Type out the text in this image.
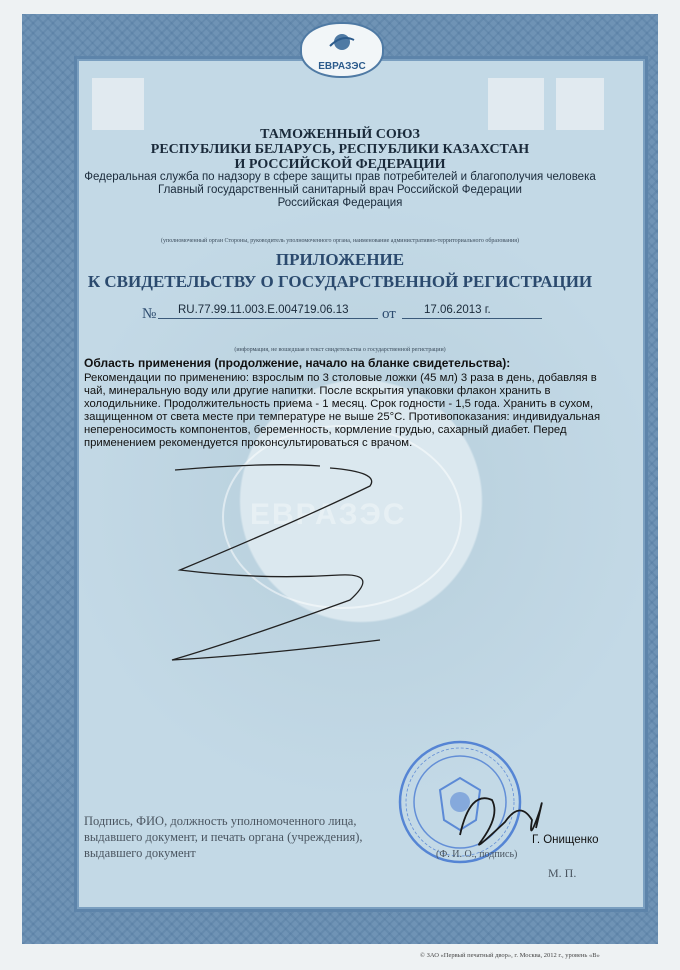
ЕВРАЗЭС
ЕВРАЗЭС
ТАМОЖЕННЫЙ СОЮЗ
РЕСПУБЛИКИ БЕЛАРУСЬ, РЕСПУБЛИКИ КАЗАХСТАН
И РОССИЙСКОЙ ФЕДЕРАЦИИ
Федеральная служба по надзору в сфере защиты прав потребителей и благополучия человека
Главный государственный санитарный врач Российской Федерации
Российская Федерация
(уполномоченный орган Стороны, руководитель уполномоченного органа, наименование административно-территориального образования)
ПРИЛОЖЕНИЕ
К СВИДЕТЕЛЬСТВУ О ГОСУДАРСТВЕННОЙ РЕГИСТРАЦИИ
№ RU.77.99.11.003.Е.004719.06.13 от 17.06.2013 г.
(информация, не вошедшая в текст свидетельства о государственной регистрации)
Область применения (продолжение, начало на бланке свидетельства):
Рекомендации по применению: взрослым по 3 столовые ложки (45 мл) 3 раза в день, добавляя в чай, минеральную воду или другие напитки. После вскрытия упаковки флакон хранить в холодильнике. Продолжительность приема - 1 месяц. Срок годности - 1,5 года. Хранить в сухом, защищенном от света месте при температуре не выше 25°С. Противопоказания: индивидуальная непереносимость компонентов, беременность, кормление грудью, сахарный диабет. Перед применением рекомендуется проконсультироваться с врачом.
Подпись, ФИО, должность уполномоченного лица, выдавшего документ, и печать органа (учреждения), выдавшего документ
Г. Онищенко
(Ф. И. О., подпись)
М. П.
© ЗАО «Первый печатный двор», г. Москва, 2012 г., уровень «В»
